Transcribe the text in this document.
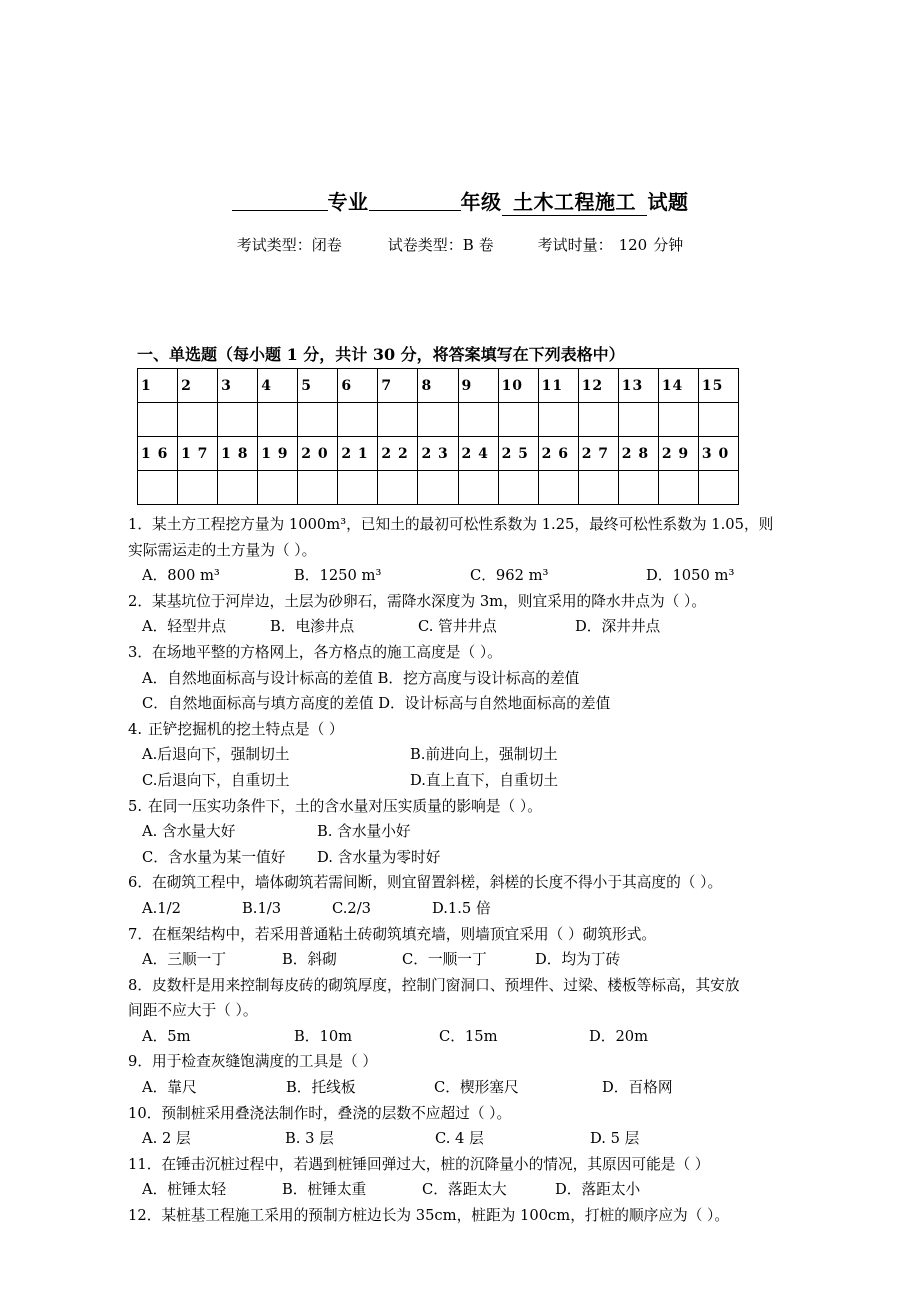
专业	年级 土木工程施工 试题
考试类型：闭卷	试卷类型：B 卷	考试时量： 120 分钟
一、单选题（每小题 1 分，共计 30 分，将答案填写在下列表格中）
1	2	3	4	5	6	7	8	9	10	11	12	13	14	15

1 6	1 7	1 8	1 9	2 0	2 1	2 2	2 3	2 4	2 5	2 6	2 7	2 8	2 9	3 0

1．某土方工程挖方量为 1000m³，已知土的最初可松性系数为 1.25，最终可松性系数为 1.05，则
实际需运走的土方量为（ ）。
A．800 m³	B．1250 m³	C．962 m³	D．1050 m³
2．某基坑位于河岸边，土层为砂卵石，需降水深度为 3m，则宜采用的降水井点为（ ）。
A．轻型井点	B．电渗井点	C. 管井井点	D．深井井点
3．在场地平整的方格网上，各方格点的施工高度是（ ）。
A．自然地面标高与设计标高的差值 B．挖方高度与设计标高的差值
C．自然地面标高与填方高度的差值 D．设计标高与自然地面标高的差值
4. 正铲挖掘机的挖土特点是（ ）
A.后退向下，强制切土	B.前进向上，强制切土
C.后退向下，自重切土	D.直上直下，自重切土
5. 在同一压实功条件下，土的含水量对压实质量的影响是（ ）。
A. 含水量大好	B. 含水量小好
C．含水量为某一值好 D. 含水量为零时好
6．在砌筑工程中，墙体砌筑若需间断，则宜留置斜槎，斜槎的长度不得小于其高度的（ ）。
A.1/2	B.1/3	C.2/3	D.1.5 倍
7．在框架结构中，若采用普通粘土砖砌筑填充墙，则墙顶宜采用（ ）砌筑形式。
A．三顺一丁	B．斜砌	C．一顺一丁	D．均为丁砖
8．皮数杆是用来控制每皮砖的砌筑厚度，控制门窗洞口、预埋件、过梁、楼板等标高，其安放
间距不应大于（ ）。
A．5m	B．10m	C．15m	D．20m
9．用于检查灰缝饱满度的工具是（ ）
A．靠尺	B．托线板	C．楔形塞尺	D．百格网
10．预制桩采用叠浇法制作时，叠浇的层数不应超过（ ）。
A. 2 层	B. 3 层	C. 4 层	D. 5 层
11．在锤击沉桩过程中，若遇到桩锤回弹过大，桩的沉降量小的情况，其原因可能是（ ）
A．桩锤太轻	B．桩锤太重	C．落距太大	D．落距太小
12．某桩基工程施工采用的预制方桩边长为 35cm，桩距为 100cm，打桩的顺序应为（ ）。
